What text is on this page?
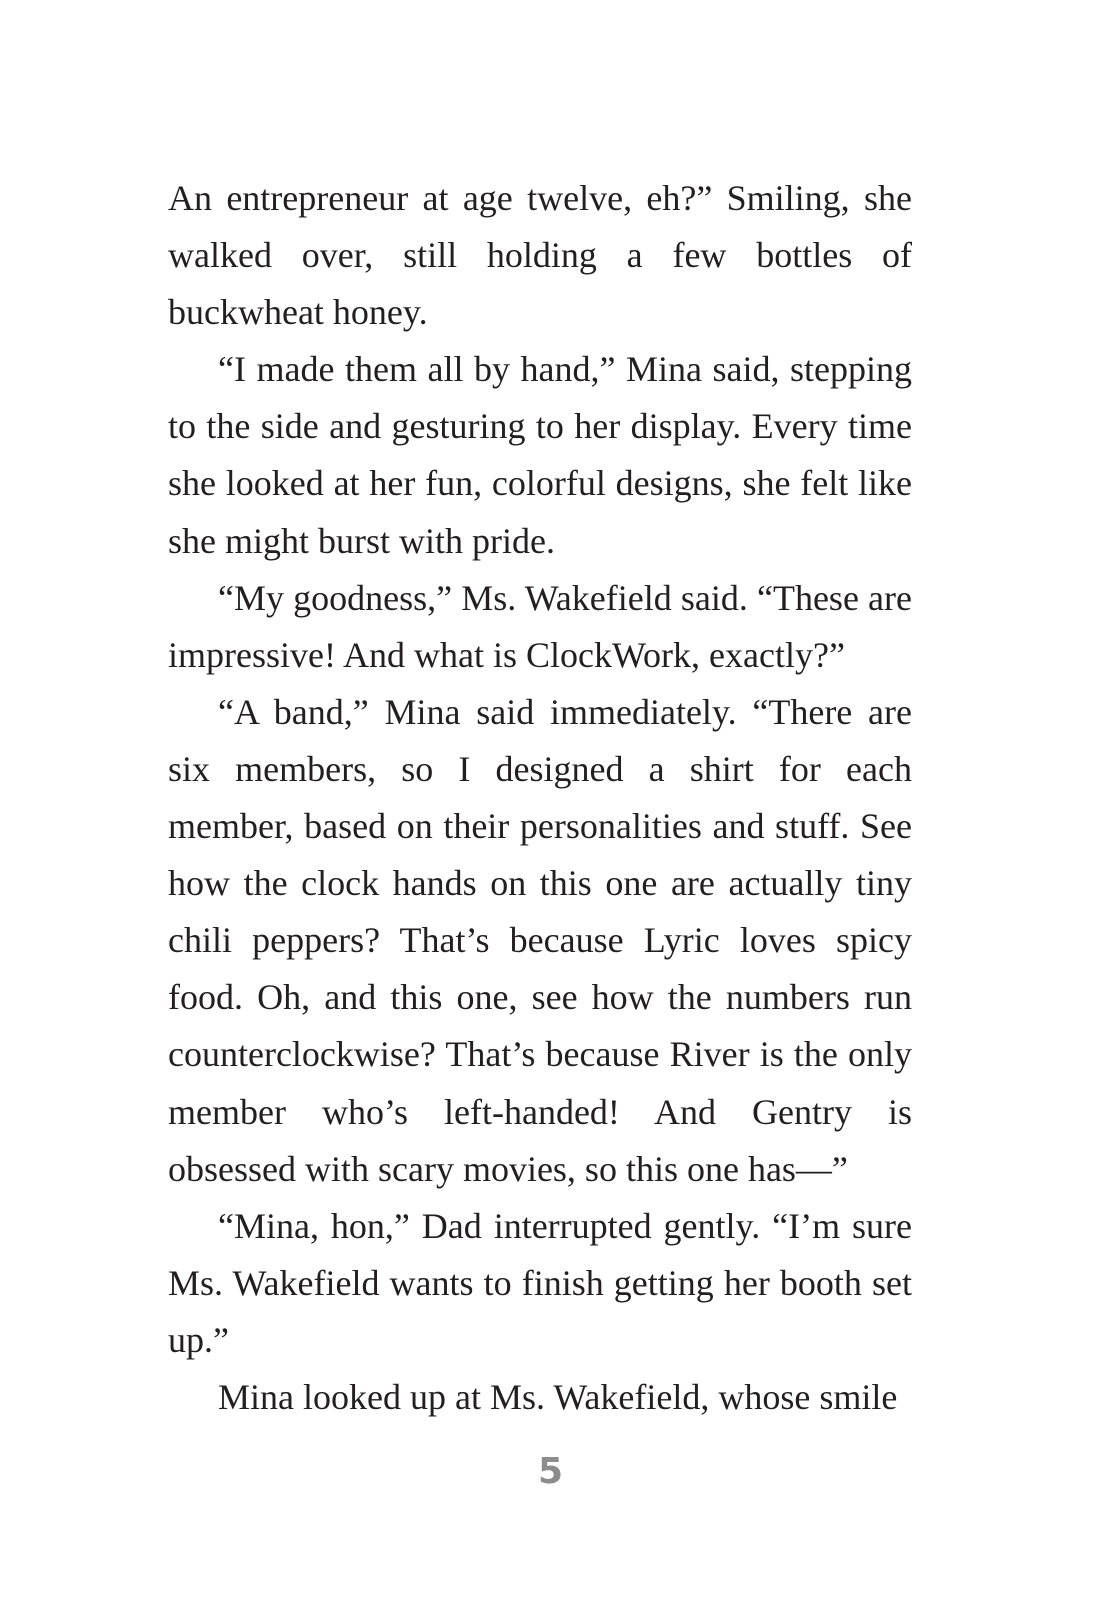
An entrepreneur at age twelve, eh?” Smiling, she walked over, still holding a few bottles of buckwheat honey.

“I made them all by hand,” Mina said, stepping to the side and gesturing to her display. Every time she looked at her fun, colorful designs, she felt like she might burst with pride.

“My goodness,” Ms. Wakefield said. “These are impressive! And what is ClockWork, exactly?”

“A band,” Mina said immediately. “There are six members, so I designed a shirt for each member, based on their personalities and stuff. See how the clock hands on this one are actually tiny chili peppers? That’s because Lyric loves spicy food. Oh, and this one, see how the numbers run counterclockwise? That’s because River is the only member who’s left-handed! And Gentry is obsessed with scary movies, so this one has—”

“Mina, hon,” Dad interrupted gently. “I’m sure Ms. Wakefield wants to finish getting her booth set up.”

Mina looked up at Ms. Wakefield, whose smile

5
